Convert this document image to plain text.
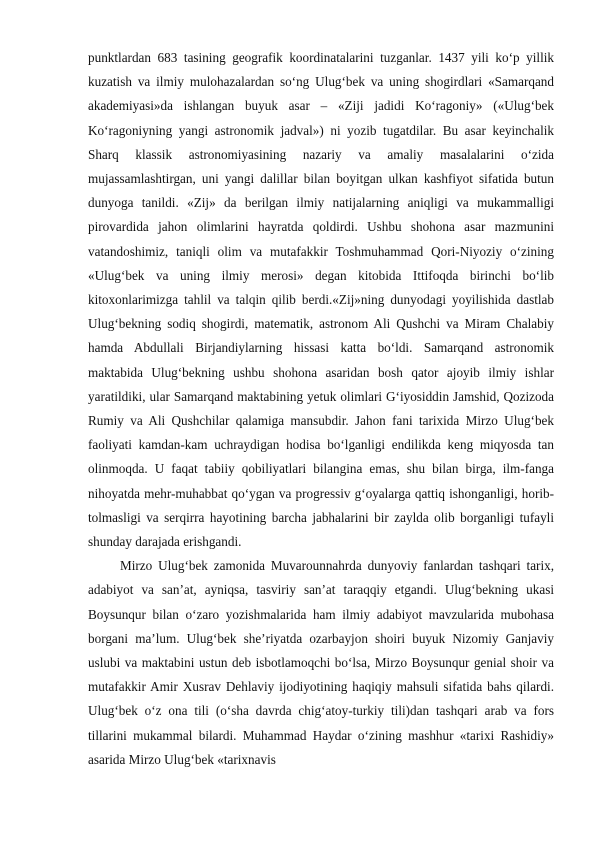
punktlardan 683 tasining geografik koordinatalarini tuzganlar. 1437 yili ko‘p yillik kuzatish va ilmiy mulohazalardan so‘ng Ulug‘bek va uning shogirdlari «Samarqand akademiyasi»da ishlangan buyuk asar – «Ziji jadidi Ko‘ragoniy» («Ulug‘bek Ko‘ragoniyning yangi astronomik jadval») ni yozib tugatdilar. Bu asar keyinchalik Sharq klassik astronomiyasining nazariy va amaliy masalalarini o‘zida mujassamlashtirgan, uni yangi dalillar bilan boyitgan ulkan kashfiyot sifatida butun dunyoga tanildi. «Zij» da berilgan ilmiy natijalarning aniqligi va mukammalligi pirovardida jahon olimlarini hayratda qoldirdi. Ushbu shohona asar mazmunini vatandoshimiz, taniqli olim va mutafakkir Toshmuhammad Qori-Niyoziy o‘zining «Ulug‘bek va uning ilmiy merosi» degan kitobida Ittifoqda birinchi bo‘lib kitoxonlarimizga tahlil va talqin qilib berdi.«Zij»ning dunyodagi yoyilishida dastlab Ulug‘bekning sodiq shogirdi, matematik, astronom Ali Qushchi va Miram Chalabiy hamda Abdullali Birjandiylarning hissasi katta bo‘ldi. Samarqand astronomik maktabida Ulug‘bekning ushbu shohona asaridan bosh qator ajoyib ilmiy ishlar yaratildiki, ular Samarqand maktabining yetuk olimlari G‘iyosiddin Jamshid, Qozizoda Rumiy va Ali Qushchilar qalamiga mansubdir. Jahon fani tarixida Mirzo Ulug‘bek faoliyati kamdan-kam uchraydigan hodisa bo‘lganligi endilikda keng miqyosda tan olinmoqda. U faqat tabiiy qobiliyatlari bilangina emas, shu bilan birga, ilm-fanga nihoyatda mehr-muhabbat qo‘ygan va progressiv g‘oyalarga qattiq ishonganligi, horib-tolmasligi va serqirra hayotining barcha jabhalarini bir zaylda olib borganligi tufayli shunday darajada erishgandi.

Mirzo Ulug‘bek zamonida Muvarounnahrda dunyoviy fanlardan tashqari tarix, adabiyot va san’at, ayniqsa, tasviriy san’at taraqqiy etgandi. Ulug‘bekning ukasi Boysunqur bilan o‘zaro yozishmalarida ham ilmiy adabiyot mavzularida mubohasa borgani ma’lum. Ulug‘bek she’riyatda ozarbayjon shoiri buyuk Nizomiy Ganjaviy uslubi va maktabini ustun deb isbotlamoqchi bo‘lsa, Mirzo Boysunqur genial shoir va mutafakkir Amir Xusrav Dehlaviy ijodiyotining haqiqiy mahsuli sifatida bahs qilardi. Ulug‘bek o‘z ona tili (o‘sha davrda chig‘atoy-turkiy tili)dan tashqari arab va fors tillarini mukammal bilardi. Muhammad Haydar o‘zining mashhur «tarixi Rashidiy» asarida Mirzo Ulug‘bek «tarixnavis
